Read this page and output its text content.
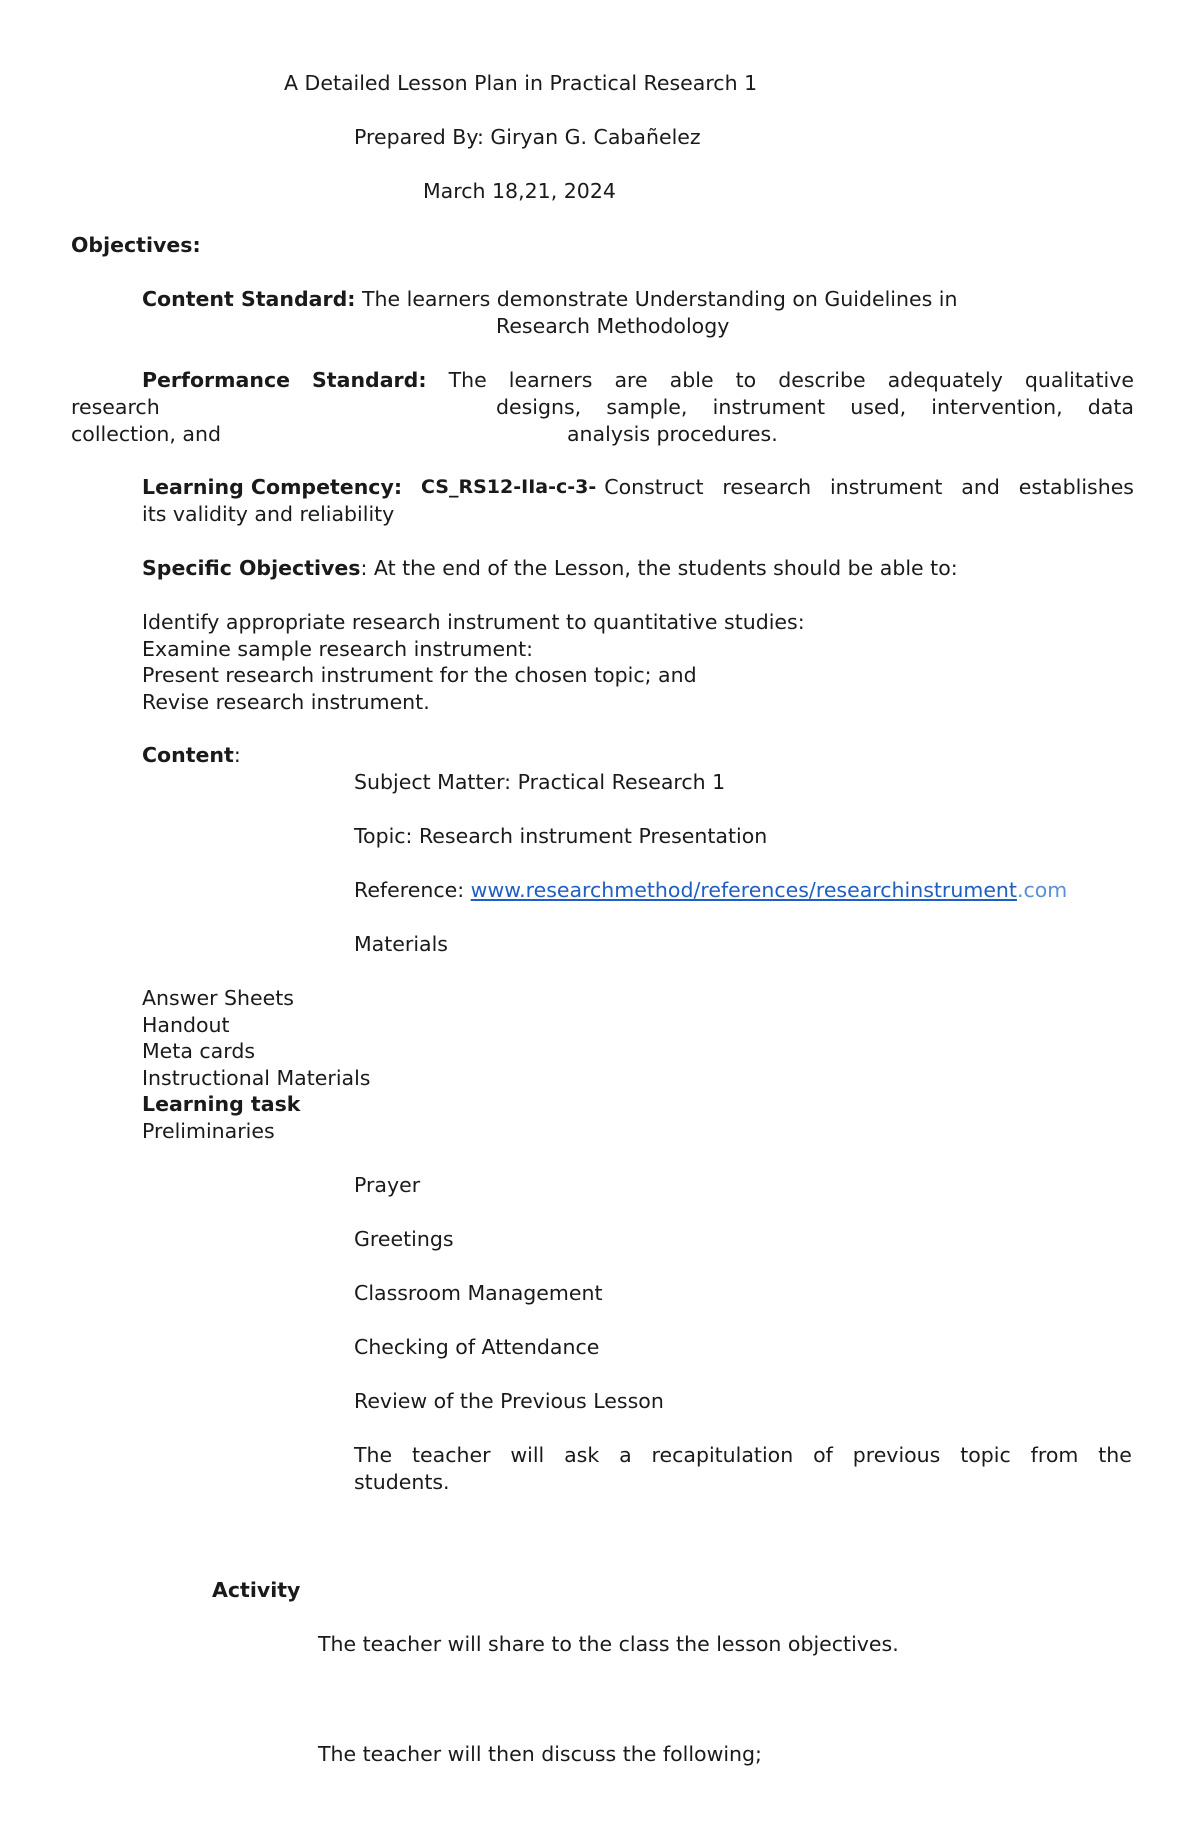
A Detailed Lesson Plan in Practical Research 1
Prepared By: Giryan G. Cabañelez
March 18,21, 2024
Objectives:
Content Standard: The learners demonstrate Understanding on Guidelines in
Research Methodology
Performance Standard: The learners are able to describe adequately qualitative
research	designs, sample, instrument used, intervention, data
collection, and	analysis procedures.
Learning Competency: CS_RS12-IIa-c-3- Construct research instrument and establishes
its validity and reliability
Specific Objectives: At the end of the Lesson, the students should be able to:
Identify appropriate research instrument to quantitative studies:
Examine sample research instrument:
Present research instrument for the chosen topic; and
Revise research instrument.
Content:
Subject Matter: Practical Research 1
Topic: Research instrument Presentation
Reference: www.researchmethod/references/researchinstrument.com
Materials
Answer Sheets
Handout
Meta cards
Instructional Materials
Learning task
Preliminaries
Prayer
Greetings
Classroom Management
Checking of Attendance
Review of the Previous Lesson
The teacher will ask a recapitulation of previous topic from the
students.
Activity
The teacher will share to the class the lesson objectives.
The teacher will then discuss the following;
